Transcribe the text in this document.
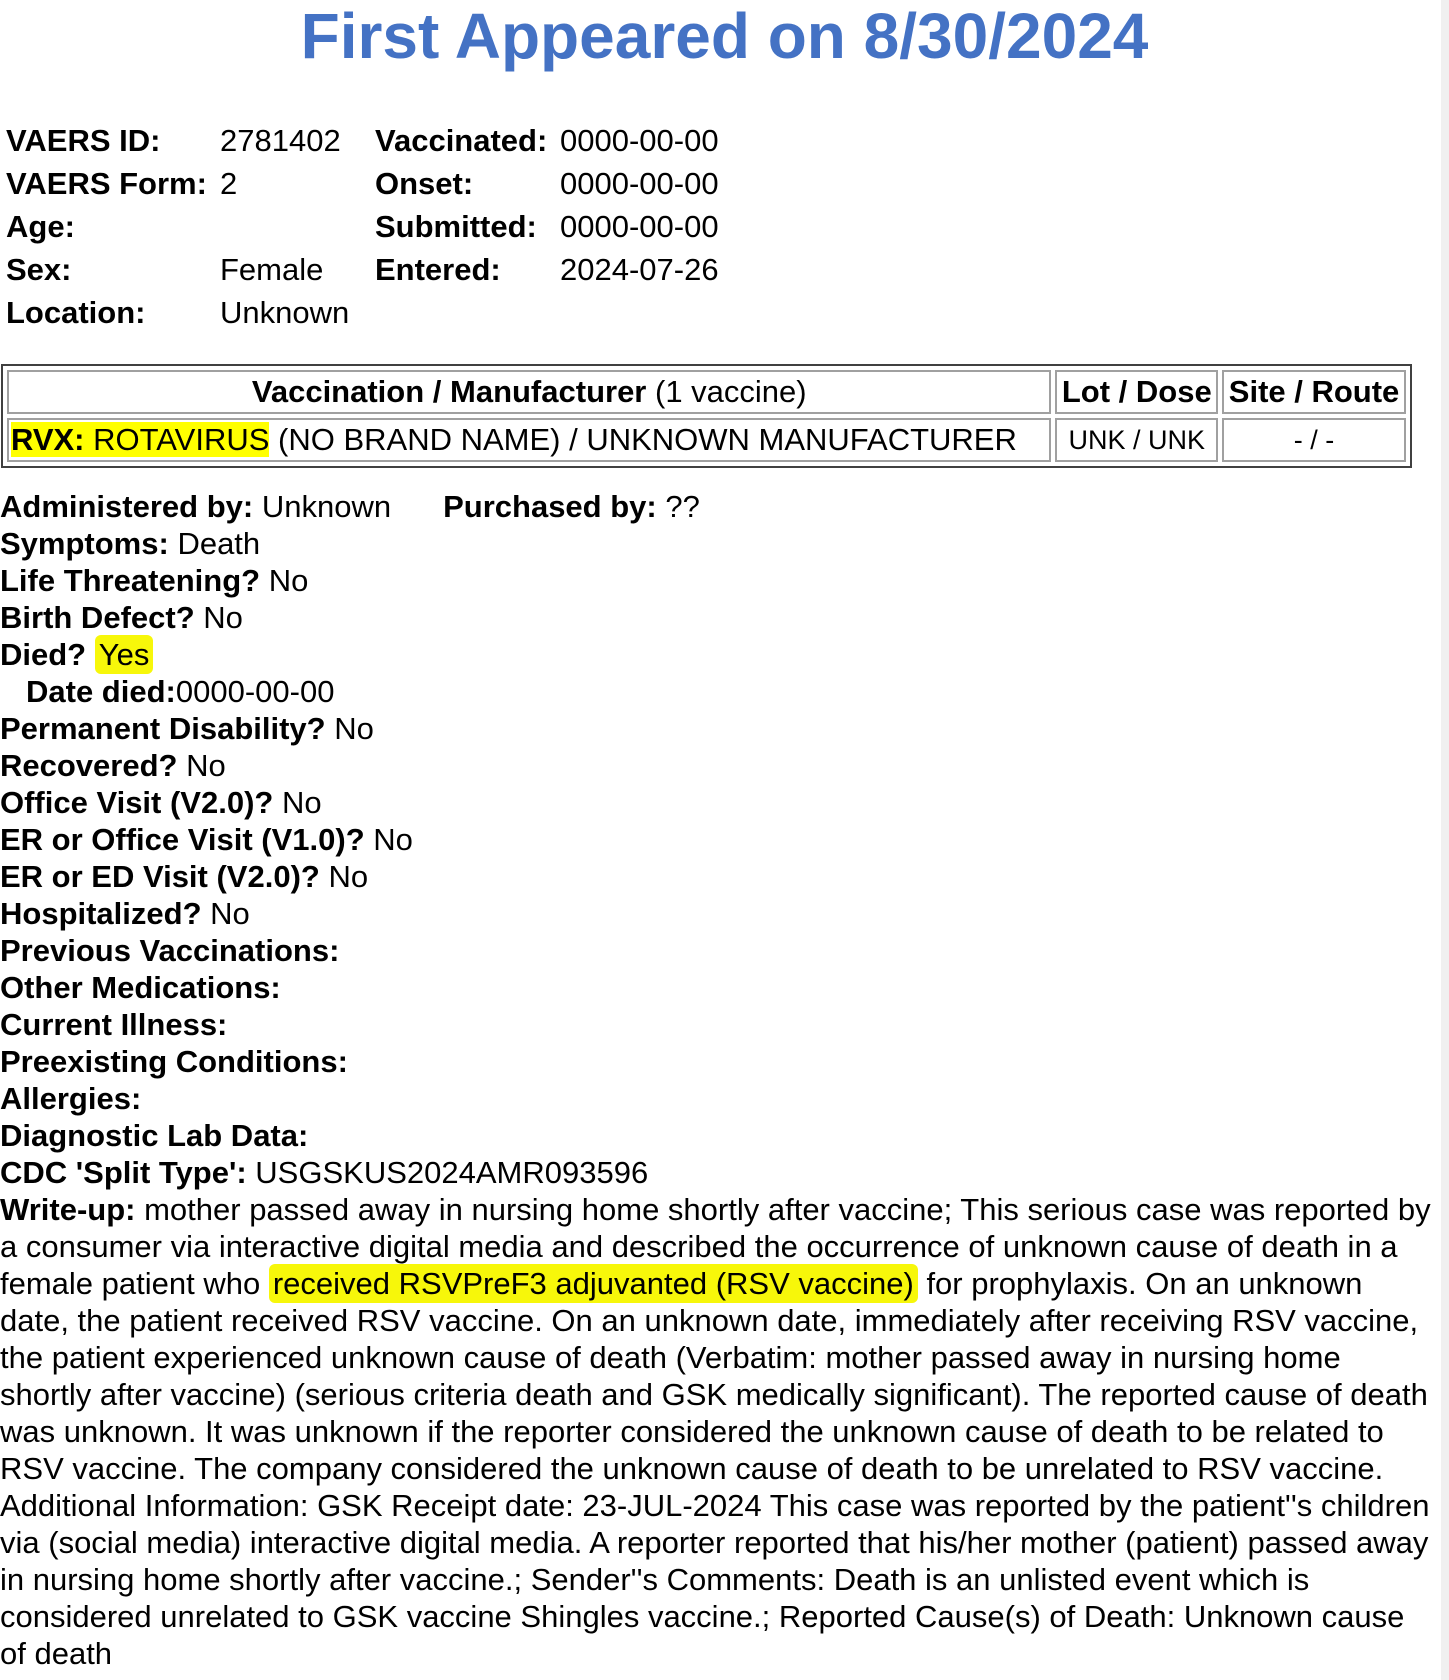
First Appeared on 8/30/2024
VAERS ID:	2781402	Vaccinated:	0000-00-00
VAERS Form:	2	Onset:	0000-00-00
Age:		Submitted:	0000-00-00
Sex:	Female	Entered:	2024-07-26
Location:	Unknown		
Vaccination / Manufacturer (1 vaccine)	Lot / Dose	Site / Route
RVX: ROTAVIRUS (NO BRAND NAME) / UNKNOWN MANUFACTURER	UNK / UNK	- / -
Administered by: Unknown Purchased by: ??
Symptoms: Death
Life Threatening? No
Birth Defect? No
Died? Yes
Date died:0000-00-00
Permanent Disability? No
Recovered? No
Office Visit (V2.0)? No
ER or Office Visit (V1.0)? No
ER or ED Visit (V2.0)? No
Hospitalized? No
Previous Vaccinations:
Other Medications:
Current Illness:
Preexisting Conditions:
Allergies:
Diagnostic Lab Data:
CDC 'Split Type': USGSKUS2024AMR093596
Write-up: mother passed away in nursing home shortly after vaccine; This serious case was reported by a consumer via interactive digital media and described the occurrence of unknown cause of death in a female patient who received RSVPreF3 adjuvanted (RSV vaccine) for prophylaxis. On an unknown date, the patient received RSV vaccine. On an unknown date, immediately after receiving RSV vaccine, the patient experienced unknown cause of death (Verbatim: mother passed away in nursing home shortly after vaccine) (serious criteria death and GSK medically significant). The reported cause of death was unknown. It was unknown if the reporter considered the unknown cause of death to be related to RSV vaccine. The company considered the unknown cause of death to be unrelated to RSV vaccine. Additional Information: GSK Receipt date: 23-JUL-2024 This case was reported by the patient''s children via (social media) interactive digital media. A reporter reported that his/her mother (patient) passed away in nursing home shortly after vaccine.; Sender''s Comments: Death is an unlisted event which is considered unrelated to GSK vaccine Shingles vaccine.; Reported Cause(s) of Death: Unknown cause of death
